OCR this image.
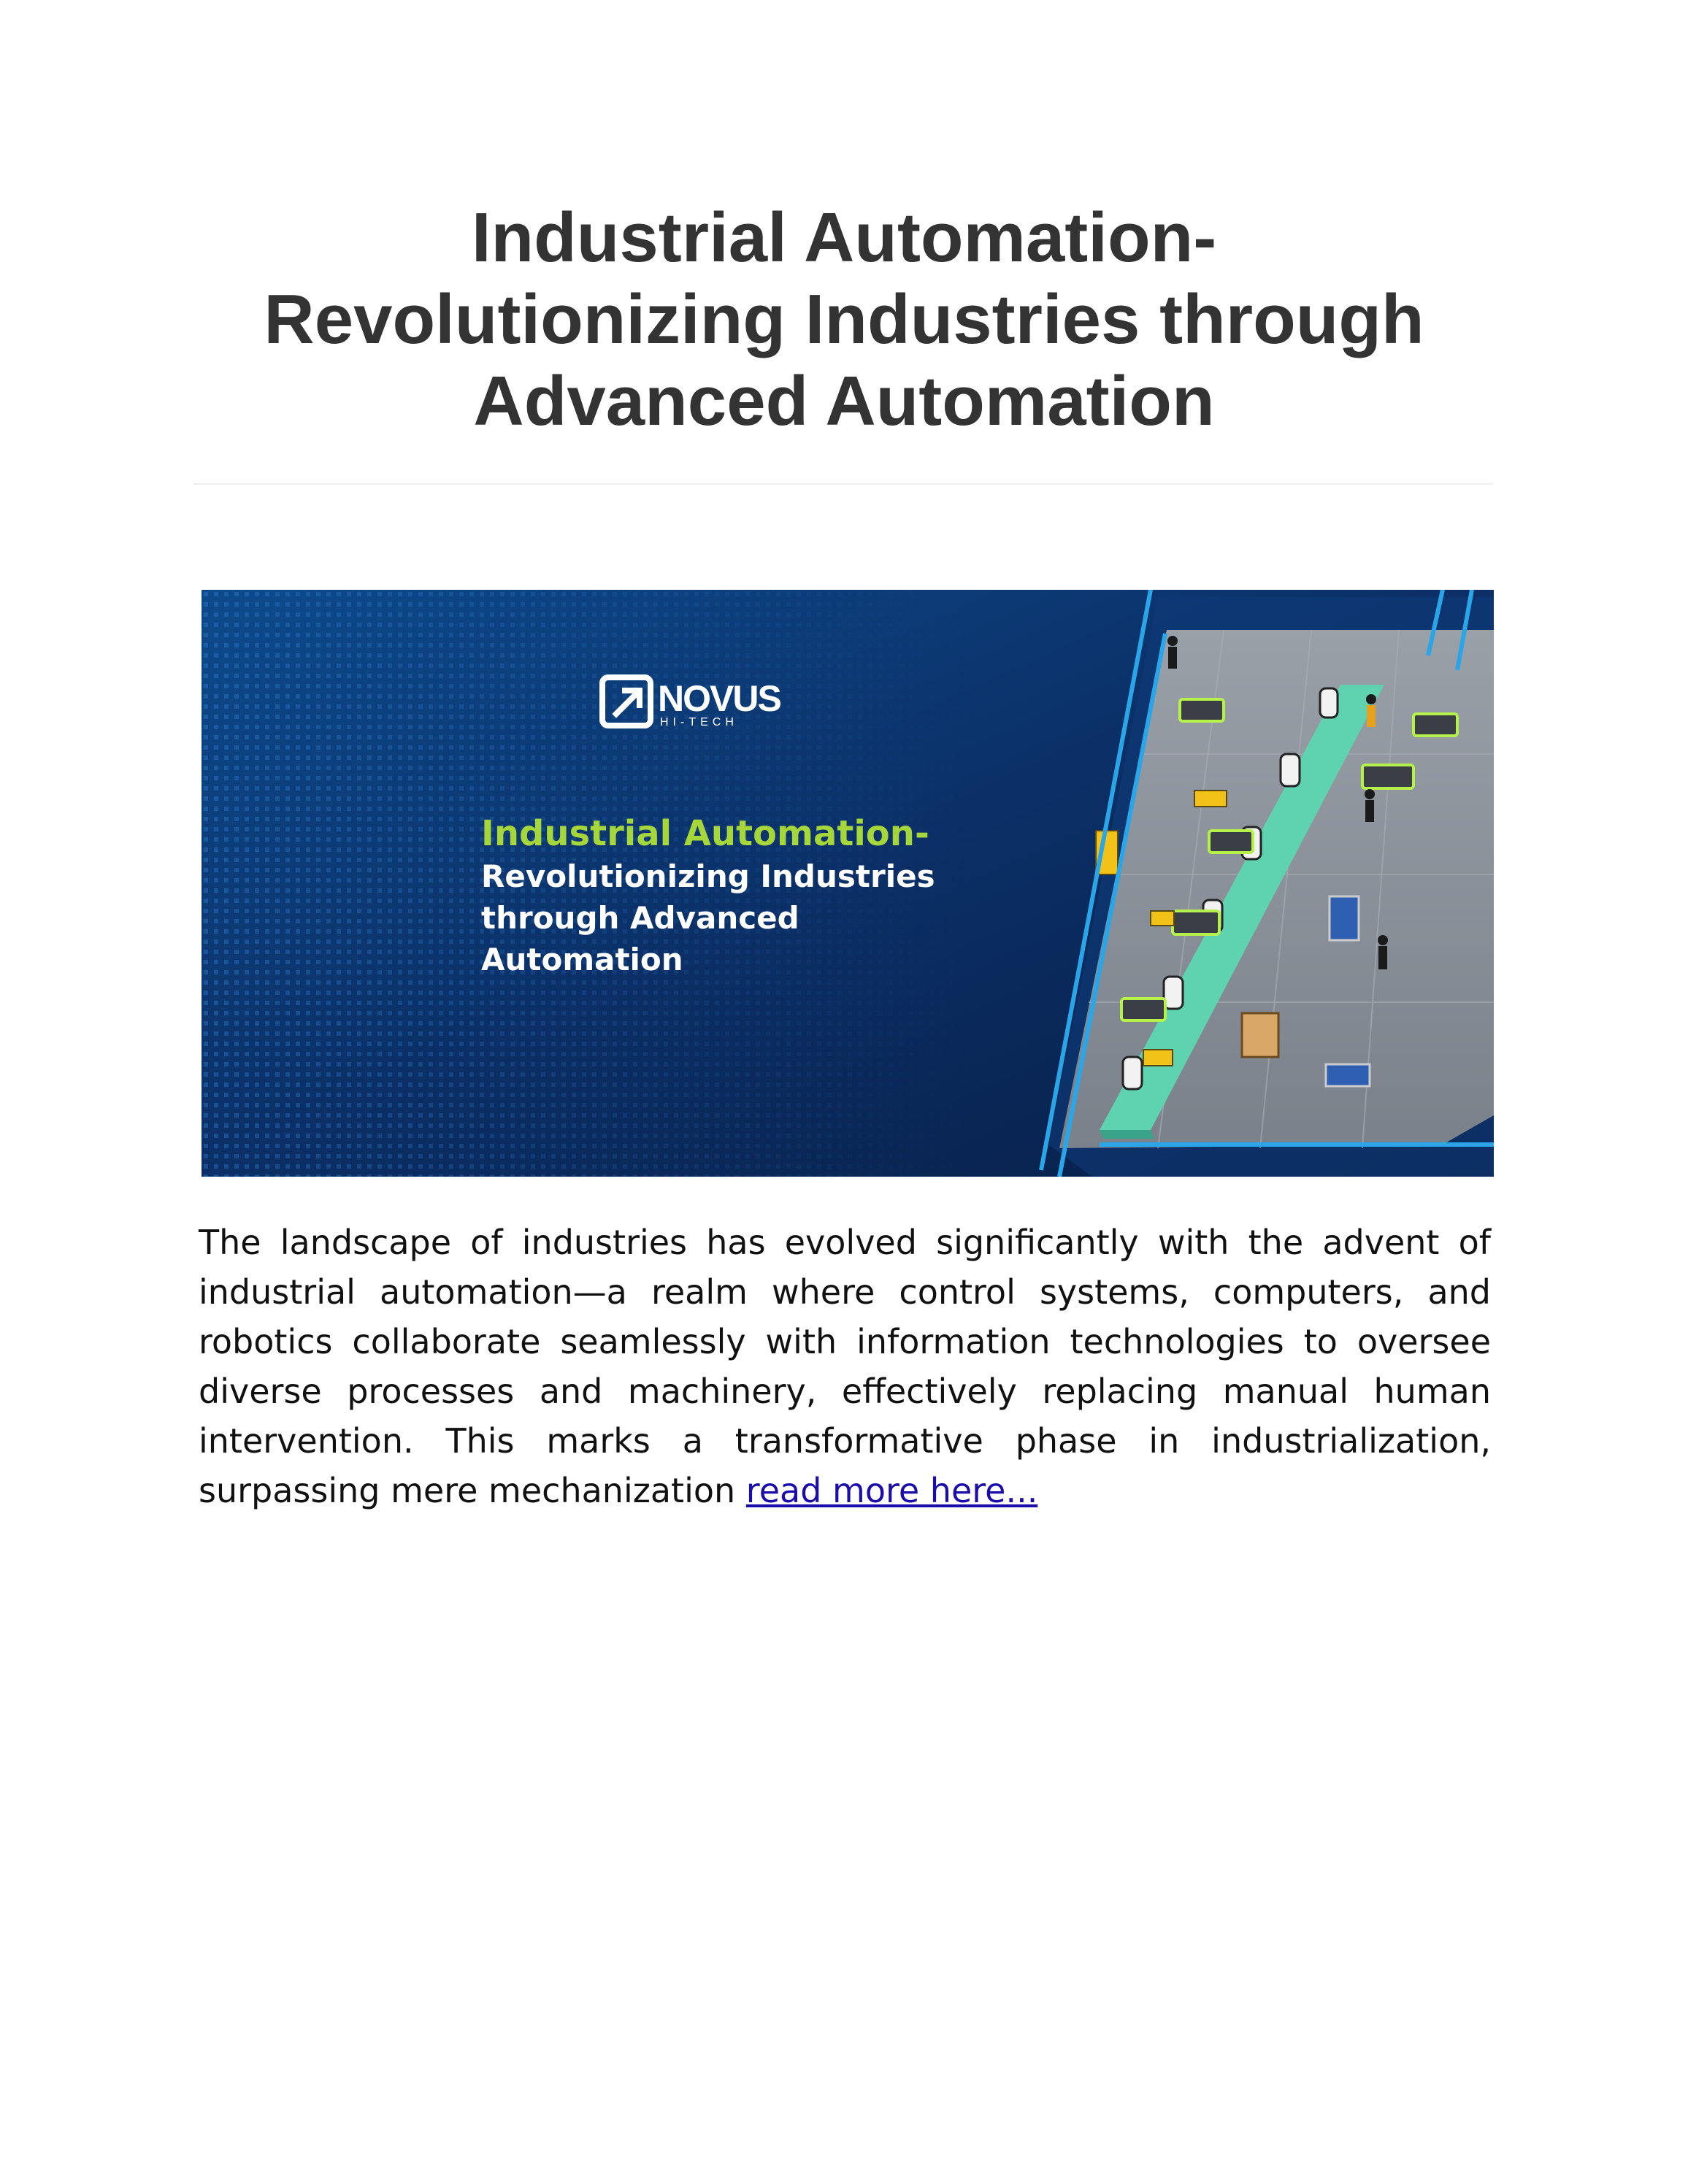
Industrial Automation-
Revolutionizing Industries through
Advanced Automation
NOVUS
HI-TECH
Industrial Automation-
Revolutionizing Industries
through Advanced
Automation

The landscape of industries has evolved significantly with the advent of industrial automation—a realm where control systems, computers, and robotics collaborate seamlessly with information technologies to oversee diverse processes and machinery, effectively replacing manual human intervention. This marks a transformative phase in industrialization, surpassing mere mechanization read more here...
